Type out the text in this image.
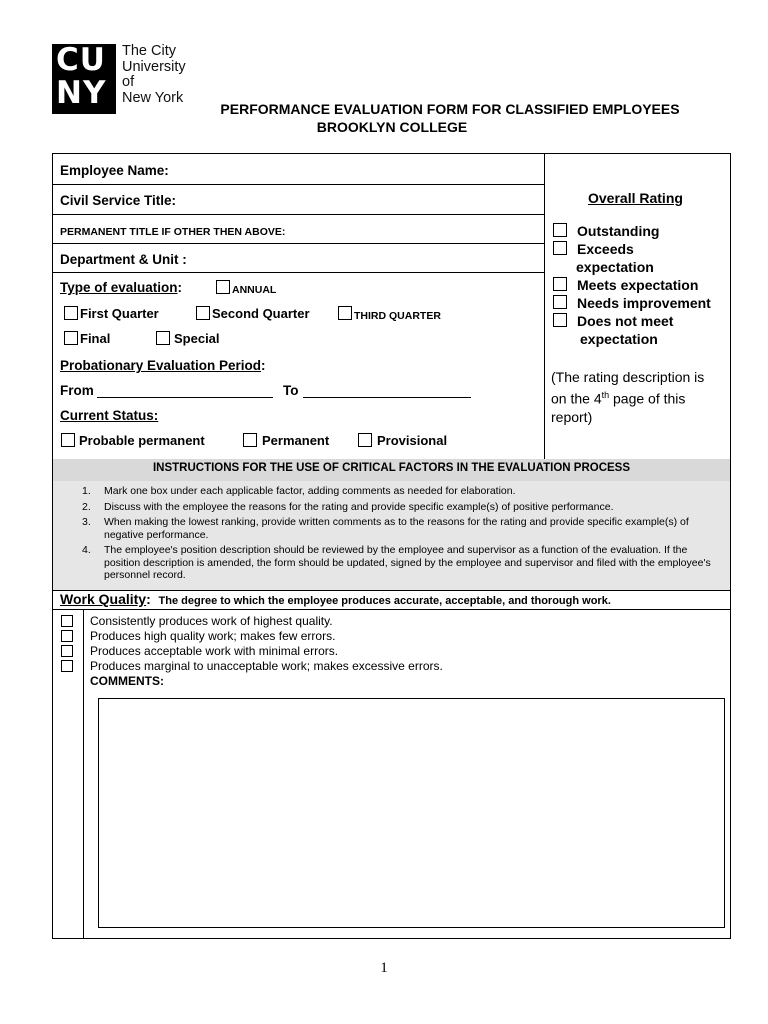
CU
NY
The City
University
of
New York
PERFORMANCE EVALUATION FORM FOR CLASSIFIED EMPLOYEES
BROOKLYN COLLEGE
Employee Name:
Civil Service Title:
PERMANENT TITLE IF OTHER THEN ABOVE:
Department & Unit :
Type of evaluation:	ANNUAL
First Quarter	Second Quarter	THIRD QUARTER
Final	Special
Probationary Evaluation Period:
From	To
Current Status:
Probable permanent	Permanent	Provisional
Overall Rating
Outstanding
Exceeds
expectation
Meets expectation
Needs improvement
Does not meet
expectation
(The rating description is
on the 4th page of this
report)
INSTRUCTIONS FOR THE USE OF CRITICAL FACTORS IN THE EVALUATION PROCESS
1. Mark one box under each applicable factor, adding comments as needed for elaboration.
2. Discuss with the employee the reasons for the rating and provide specific example(s) of positive performance.
3. When making the lowest ranking, provide written comments as to the reasons for the rating and provide specific example(s) of negative performance.
4. The employee's position description should be reviewed by the employee and supervisor as a function of the evaluation. If the position description is amended, the form should be updated, signed by the employee and supervisor and filed with the employee's personnel record.
Work Quality: The degree to which the employee produces accurate, acceptable, and thorough work.
Consistently produces work of highest quality.
Produces high quality work; makes few errors.
Produces acceptable work with minimal errors.
Produces marginal to unacceptable work; makes excessive errors.
COMMENTS:
1
